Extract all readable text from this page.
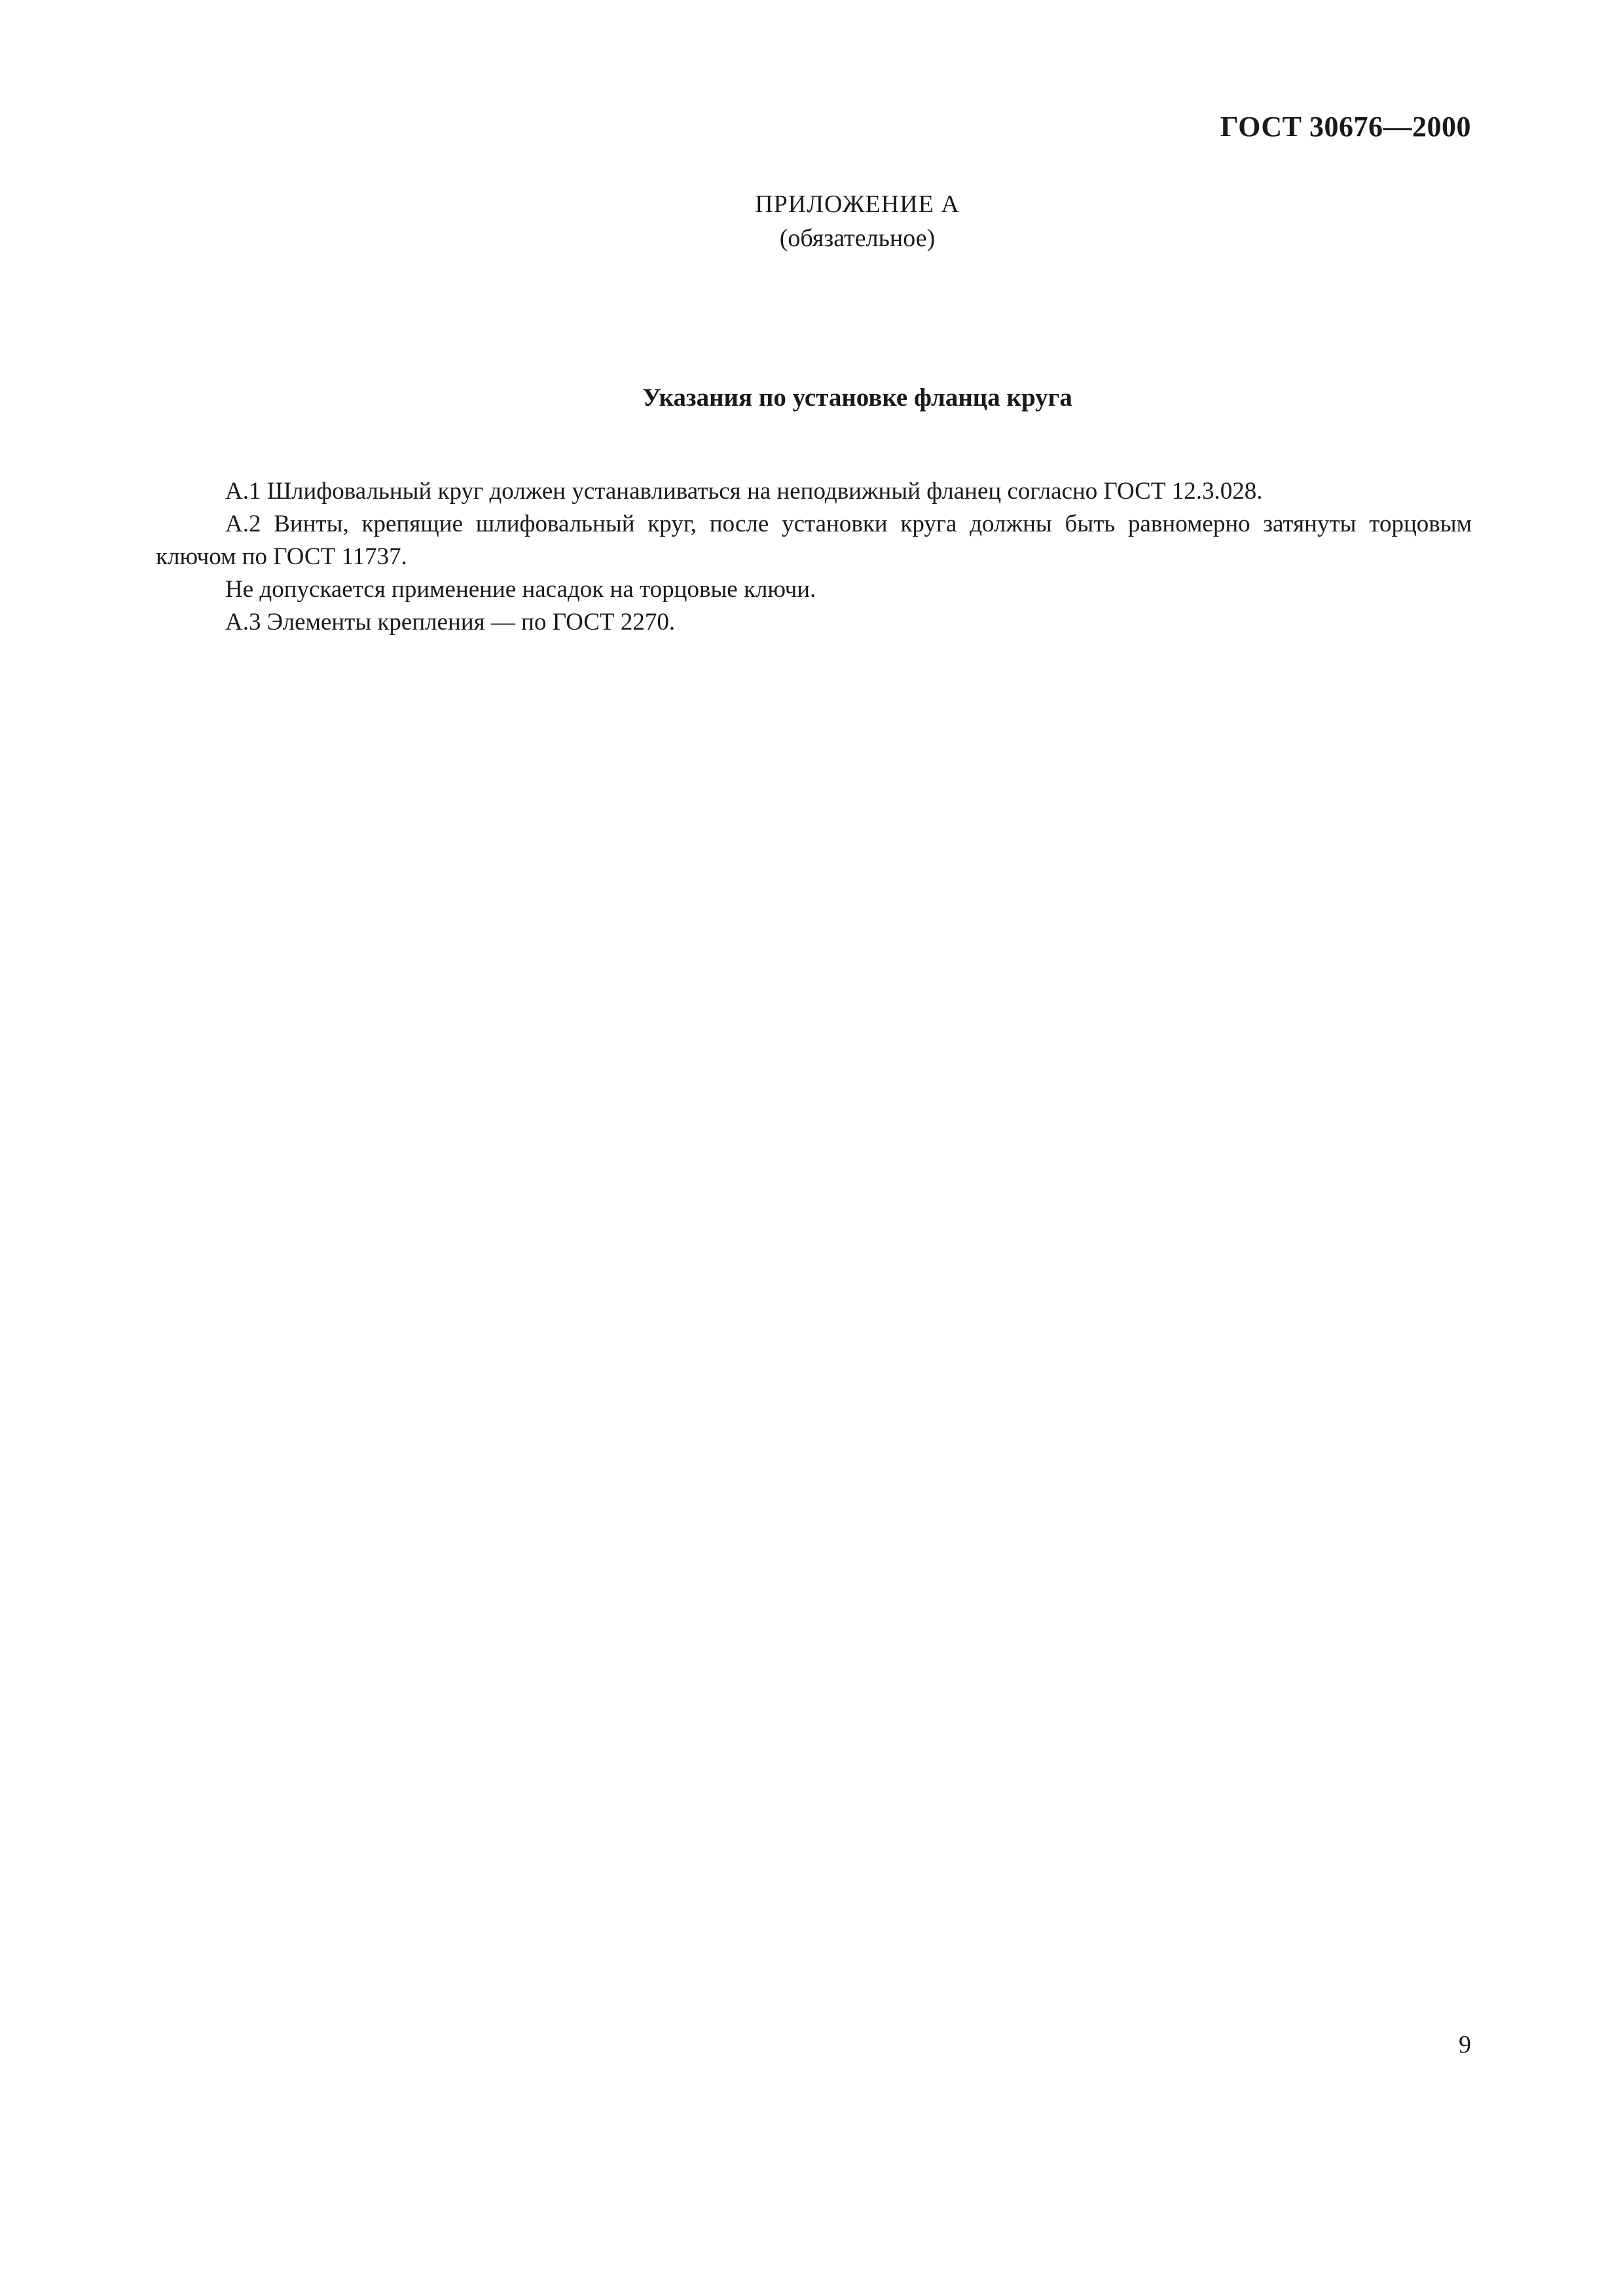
ГОСТ 30676—2000
ПРИЛОЖЕНИЕ А
(обязательное)
Указания по установке фланца круга

А.1 Шлифовальный круг должен устанавливаться на неподвижный фланец согласно ГОСТ 12.3.028.

А.2 Винты, крепящие шлифовальный круг, после установки круга должны быть равномерно затянуты торцовым ключом по ГОСТ 11737.

Не допускается применение насадок на торцовые ключи.

А.3 Элементы крепления — по ГОСТ 2270.

9
